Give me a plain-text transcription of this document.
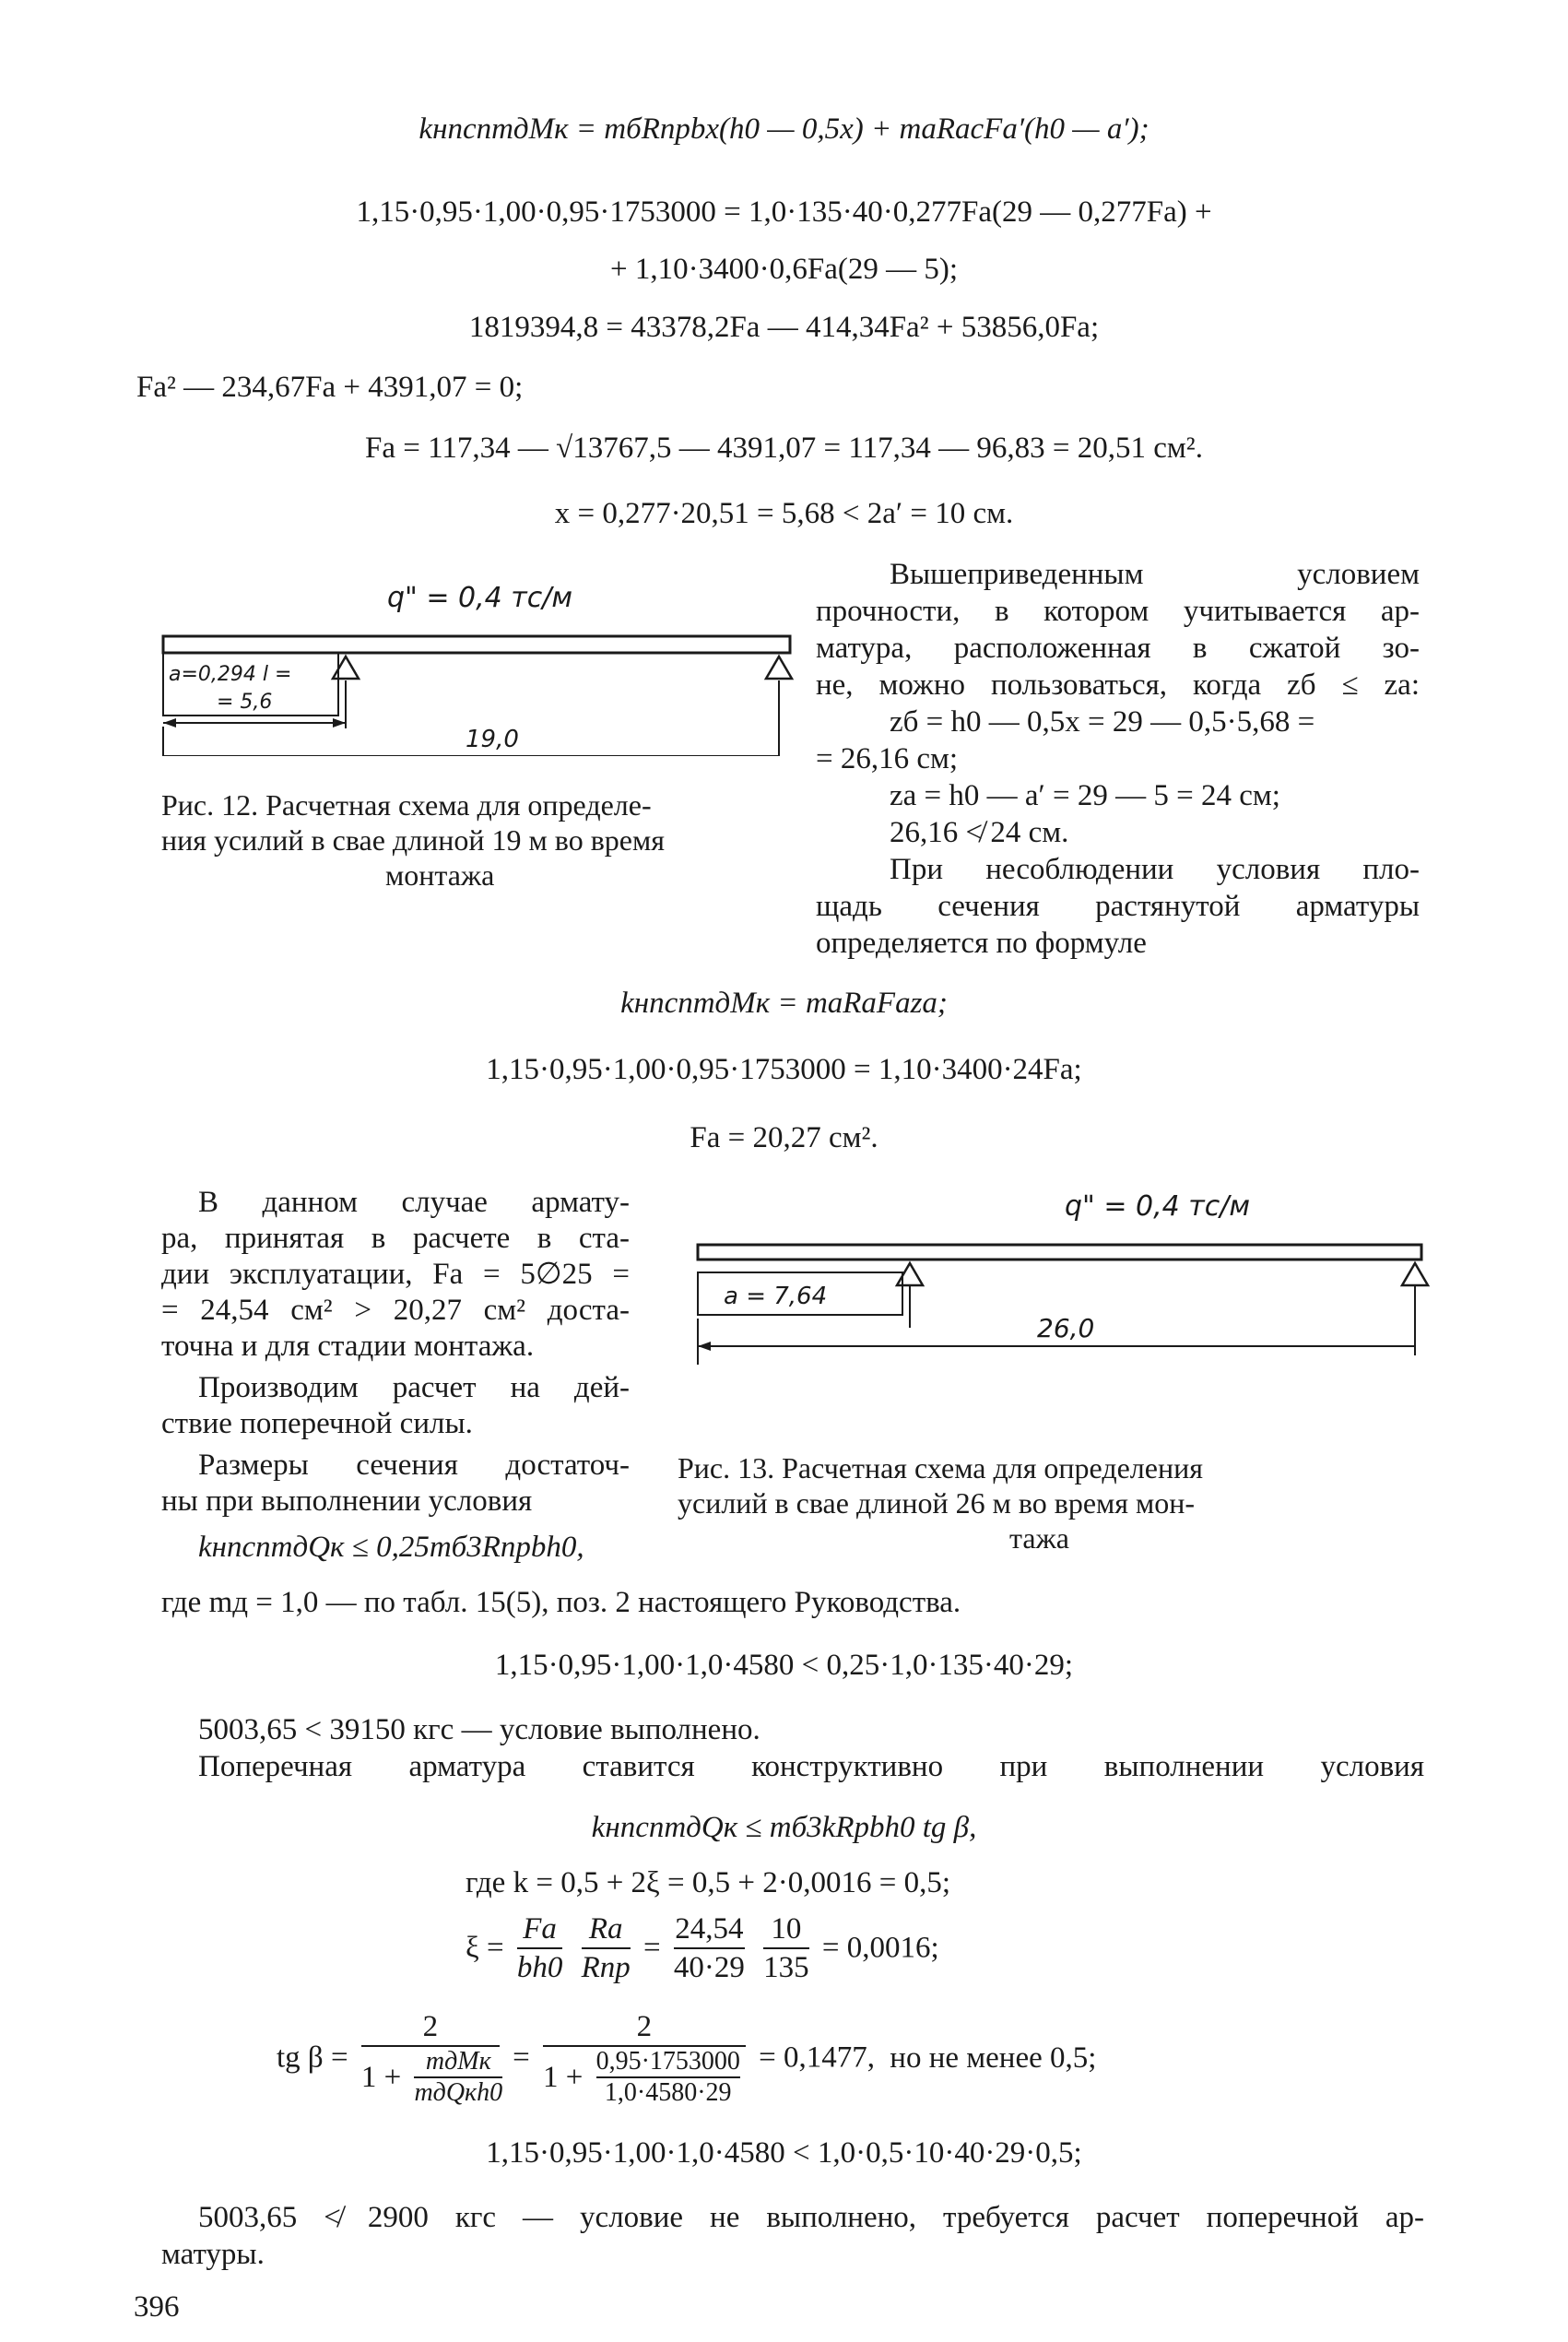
kнnсnmдMк = mбRпрbx(h0 — 0,5x) + maRacFa′(h0 — a′);
1,15·0,95·1,00·0,95·1753000 = 1,0·135·40·0,277Fa(29 — 0,277Fa) +
+ 1,10·3400·0,6Fa(29 — 5);
1819394,8 = 43378,2Fa — 414,34Fa² + 53856,0Fa;
Fa² — 234,67Fa + 4391,07 = 0;
Fa = 117,34 — √13767,5 — 4391,07 = 117,34 — 96,83 = 20,51 см².
x = 0,277·20,51 = 5,68 < 2a′ = 10 см.
q" = 0,4 тс/м
a=0,294 l =
= 5,6
19,0
Рис. 12. Расчетная схема для определе-
ния усилий в свае длиной 19 м во время
монтажа
Вышеприведенным	условием
прочности, в котором учитывается ар-
матура, расположенная в сжатой зо-
не, можно пользоваться, когда zб ≤ za:
zб = h0 — 0,5x = 29 — 0,5·5,68 =
= 26,16 см;
za = h0 — a′ = 29 — 5 = 24 см;
26,16 ≮ 24 см.
При несоблюдении условия пло-
щадь сечения растянутой арматуры
определяется по формуле
kнnсnmдMк = maRaFaza;
1,15·0,95·1,00·0,95·1753000 = 1,10·3400·24Fa;
Fa = 20,27 см².
В данном случае армату-
ра, принятая в расчете в ста-
дии эксплуатации, Fa = 5∅25 =
= 24,54 см² > 20,27 см² доста-
точна и для стадии монтажа.
Производим расчет на дей-
ствие поперечной силы.
Размеры сечения достаточ-
ны при выполнении условия
kнnсnmдQк ≤ 0,25mб3Rпрbh0,
q" = 0,4 тс/м
a = 7,64
26,0
Рис. 13. Расчетная схема для определения
усилий в свае длиной 26 м во время мон-
тажа
где mд = 1,0 — по табл. 15(5), поз. 2 настоящего Руководства.
1,15·0,95·1,00·1,0·4580 < 0,25·1,0·135·40·29;
5003,65 < 39150 кгс — условие выполнено.
Поперечная арматура ставится конструктивно при выполнении условия
kнnсnmдQк ≤ mб3kRpbh0 tg β,
где k = 0,5 + 2ξ = 0,5 + 2·0,0016 = 0,5;
$\xi = \frac{Fa}{bh0}$
$\frac{Ra}{\text{Rпр}} = \frac{24,54}{40\cdot 29}$
$\frac{10}{135} = 0,0016$;
tg $\beta = \frac{2}{1 + \frac{\text{mдMк}}{\text{mдQкh0}}} = \frac{2}{1 + \frac{0,95\cdot 1753000}{1,0\cdot 4580\cdot 29}} = 0,1477$, но не менее 0,5;
1,15·0,95·1,00·1,0·4580 < 1,0·0,5·10·40·29·0,5;
5003,65 ≮ 2900 кгс — условие не выполнено, требуется расчет поперечной ар-
матуры.
396
